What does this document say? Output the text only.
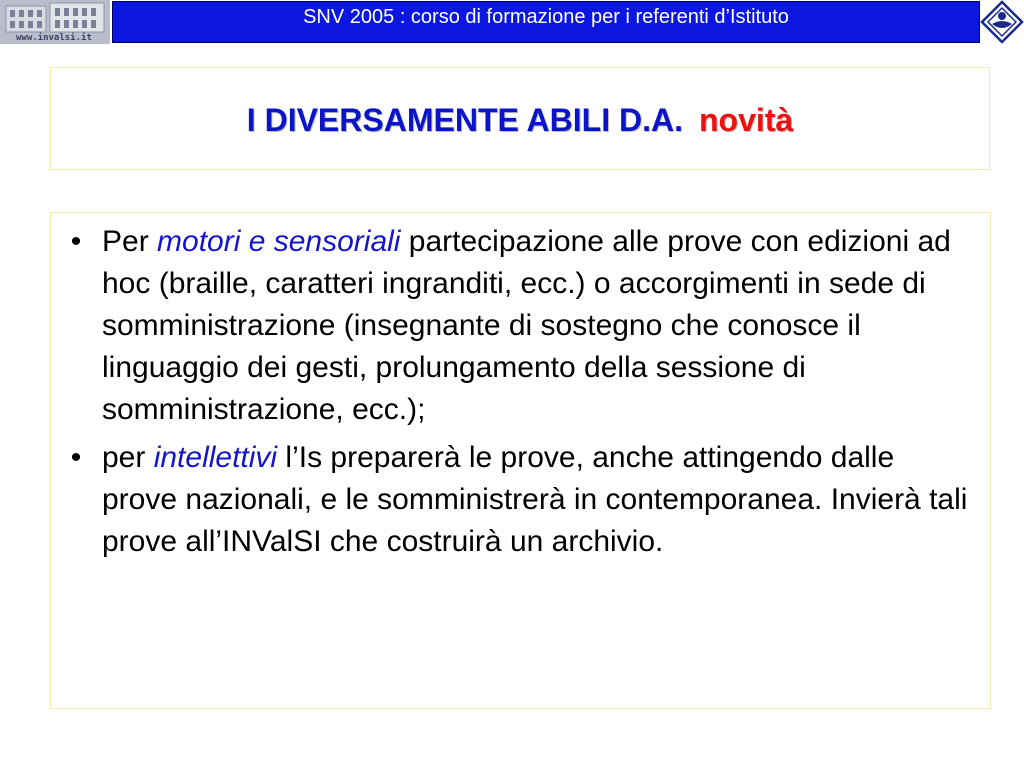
www.invalsi.it
SNV 2005 : corso di formazione per i referenti d’Istituto
I DIVERSAMENTE ABILI D.A. novità
• Per motori e sensoriali partecipazione alle prove con edizioni ad hoc (braille, caratteri ingranditi, ecc.) o accorgimenti in sede di somministrazione (insegnante di sostegno che conosce il linguaggio dei gesti, prolungamento della sessione di somministrazione, ecc.);
• per intellettivi l’Is preparerà le prove, anche attingendo dalle prove nazionali, e le somministrerà in contemporanea. Invierà tali prove all’INValSI che costruirà un archivio.
